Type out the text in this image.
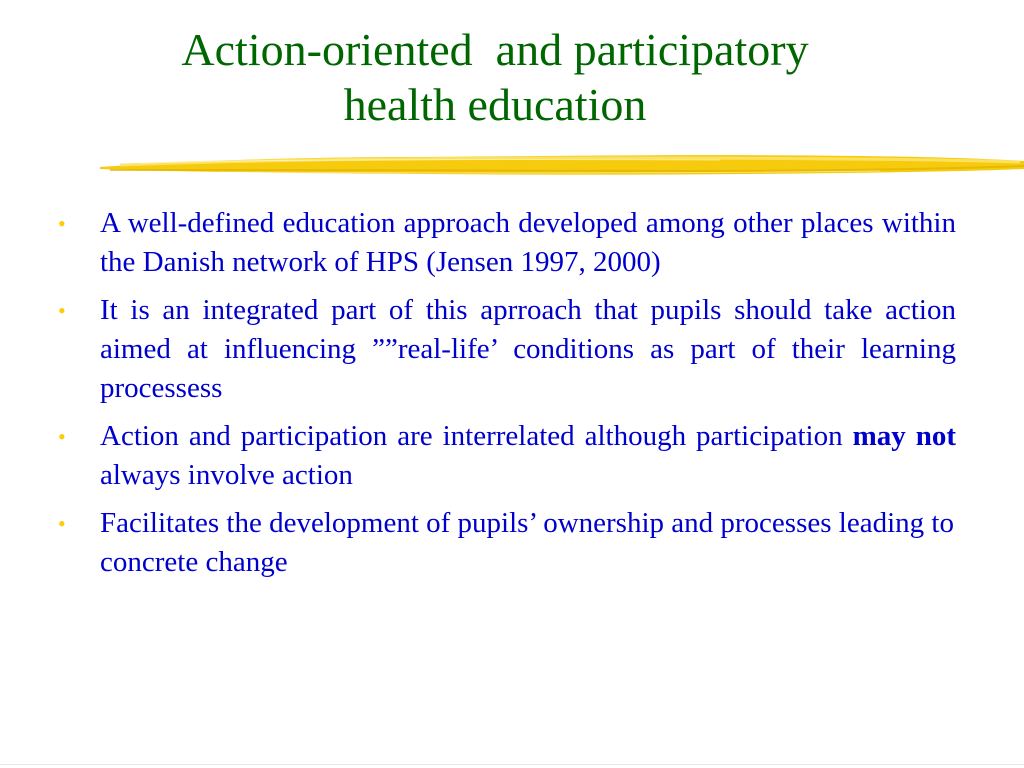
Action-oriented  and participatory
health education
• A well-defined education approach developed among other places within the Danish network of HPS (Jensen 1997, 2000)
• It is an integrated part of this aprroach that pupils should take action aimed at influencing ””real-life’ conditions as part of their learning processess
• Action and participation are interrelated although participation may not always involve action
• Facilitates the development of pupils’ ownership and processes leading to concrete change
